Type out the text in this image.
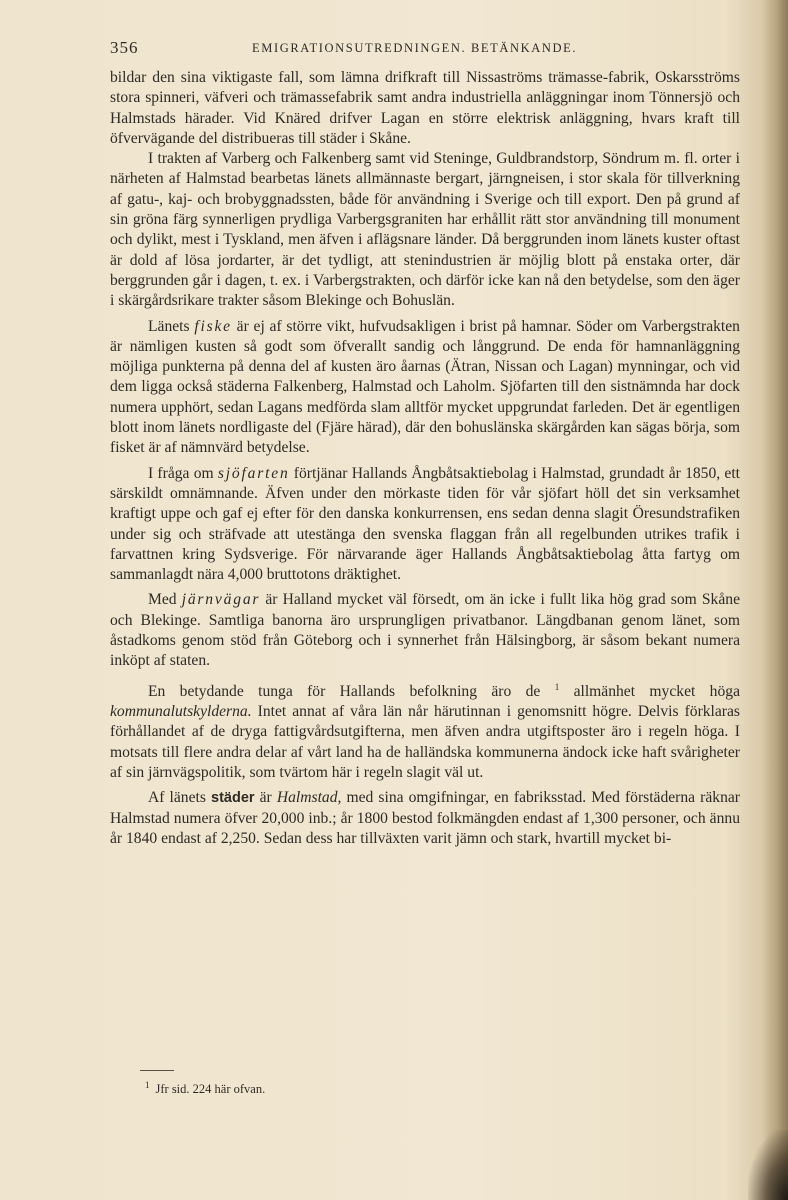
356	EMIGRATIONSUTREDNINGEN. BETÄNKANDE.

bildar den sina viktigaste fall, som lämna drifkraft till Nissaströms trämasse-fabrik, Oskarsströms stora spinneri, väfveri och trämassefabrik samt andra industriella anläggningar inom Tönnersjö och Halmstads härader. Vid Knäred drifver Lagan en större elektrisk anläggning, hvars kraft till öfvervägande del distribueras till städer i Skåne.

I trakten af Varberg och Falkenberg samt vid Steninge, Guldbrandstorp, Söndrum m. fl. orter i närheten af Halmstad bearbetas länets allmännaste bergart, järngneisen, i stor skala för tillverkning af gatu-, kaj- och brobyggnadssten, både för användning i Sverige och till export. Den på grund af sin gröna färg synnerligen prydliga Varbergsgraniten har erhållit rätt stor användning till monument och dylikt, mest i Tyskland, men äfven i aflägsnare länder. Då berggrunden inom länets kuster oftast är dold af lösa jordarter, är det tydligt, att stenindustrien är möjlig blott på enstaka orter, där berggrunden går i dagen, t. ex. i Varbergstrakten, och därför icke kan nå den betydelse, som den äger i skärgårdsrikare trakter såsom Blekinge och Bohuslän.

Länets fiske är ej af större vikt, hufvudsakligen i brist på hamnar. Söder om Varbergstrakten är nämligen kusten så godt som öfverallt sandig och långgrund. De enda för hamnanläggning möjliga punkterna på denna del af kusten äro åarnas (Ätran, Nissan och Lagan) mynningar, och vid dem ligga också städerna Falkenberg, Halmstad och Laholm. Sjöfarten till den sistnämnda har dock numera upphört, sedan Lagans medförda slam alltför mycket uppgrundat farleden. Det är egentligen blott inom länets nordligaste del (Fjäre härad), där den bohuslänska skärgården kan sägas börja, som fisket är af nämnvärd betydelse.

I fråga om sjöfarten förtjänar Hallands Ångbåtsaktiebolag i Halmstad, grundadt år 1850, ett särskildt omnämnande. Äfven under den mörkaste tiden för vår sjöfart höll det sin verksamhet kraftigt uppe och gaf ej efter för den danska konkurrensen, ens sedan denna slagit Öresundstrafiken under sig och sträfvade att utestänga den svenska flaggan från all regelbunden utrikes trafik i farvattnen kring Sydsverige. För närvarande äger Hallands Ångbåtsaktiebolag åtta fartyg om sammanlagdt nära 4,000 bruttotons dräktighet.

Med järnvägar är Halland mycket väl försedt, om än icke i fullt lika hög grad som Skåne och Blekinge. Samtliga banorna äro ursprungligen privatbanor. Längdbanan genom länet, som åstadkoms genom stöd från Göteborg och i synnerhet från Hälsingborg, är såsom bekant numera inköpt af staten.

En betydande tunga för Hallands befolkning äro de $^1$ allmänhet mycket höga kommunalutskylderna. Intet annat af våra län når härutinnan i genomsnitt högre. Delvis förklaras förhållandet af de dryga fattigvårdsutgifterna, men äfven andra utgiftsposter äro i regeln höga. I motsats till flere andra delar af vårt land ha de halländska kommunerna ändock icke haft svårigheter af sin järnvägspolitik, som tvärtom här i regeln slagit väl ut.

Af länets städer är Halmstad, med sina omgifningar, en fabriksstad. Med förstäderna räknar Halmstad numera öfver 20,000 inb.; år 1800 bestod folkmängden endast af 1,300 personer, och ännu år 1840 endast af 2,250. Sedan dess har tillväxten varit jämn och stark, hvartill mycket bi-

$^1$ Jfr sid. 224 här ofvan.
